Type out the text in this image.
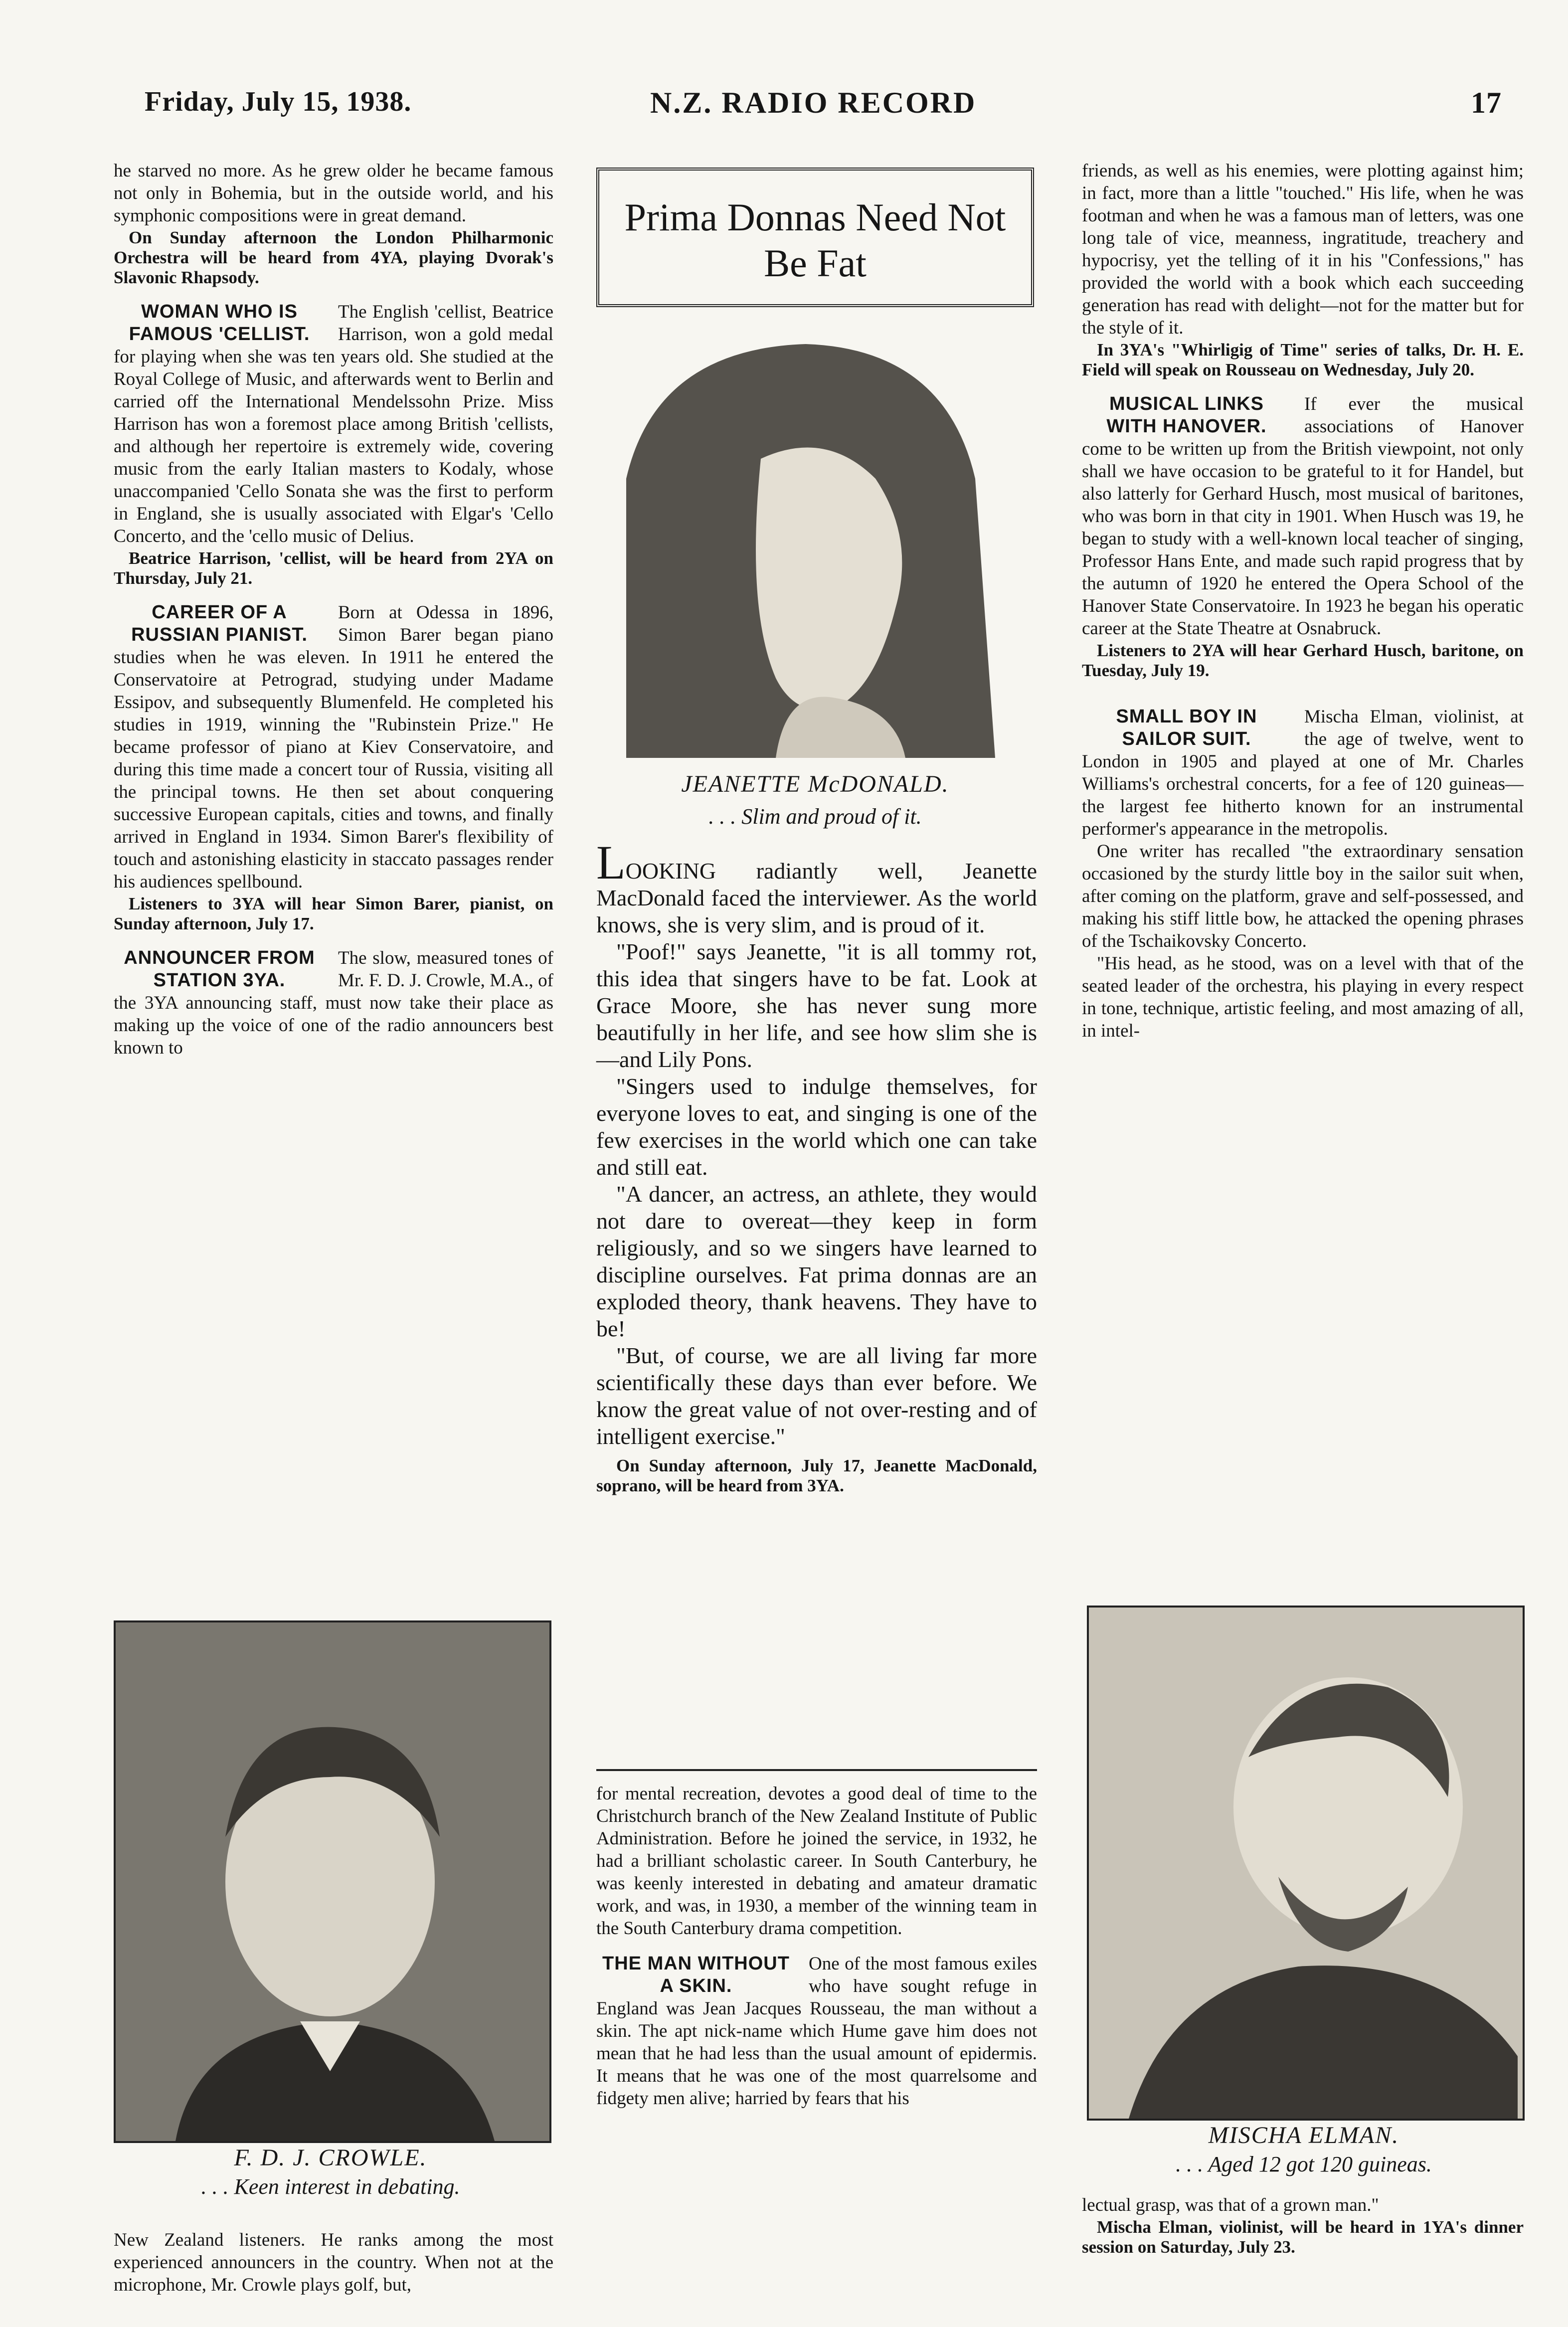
Friday, July 15, 1938.	N.Z. RADIO RECORD	17

he starved no more. As he grew older he became famous not only in Bohemia, but in the outside world, and his symphonic compositions were in great demand.

On Sunday afternoon the London Philharmonic Orchestra will be heard from 4YA, playing Dvorak's Slavonic Rhapsody.

WOMAN WHO IS FAMOUS 'CELLIST.

The English 'cellist, Beatrice Harrison, won a gold medal for playing when she was ten years old. She studied at the Royal College of Music, and afterwards went to Berlin and carried off the International Mendelssohn Prize. Miss Harrison has won a foremost place among British 'cellists, and although her repertoire is extremely wide, covering music from the early Italian masters to Kodaly, whose unaccompanied 'Cello Sonata she was the first to perform in England, she is usually associated with Elgar's 'Cello Concerto, and the 'cello music of Delius.

Beatrice Harrison, 'cellist, will be heard from 2YA on Thursday, July 21.

CAREER OF A RUSSIAN PIANIST.

Born at Odessa in 1896, Simon Barer began piano studies when he was eleven. In 1911 he entered the Conservatoire at Petrograd, studying under Madame Essipov, and subsequently Blumenfeld. He completed his studies in 1919, winning the "Rubinstein Prize." He became professor of piano at Kiev Conservatoire, and during this time made a concert tour of Russia, visiting all the principal towns. He then set about conquering successive European capitals, cities and towns, and finally arrived in England in 1934. Simon Barer's flexibility of touch and astonishing elasticity in staccato passages render his audiences spellbound.

Listeners to 3YA will hear Simon Barer, pianist, on Sunday afternoon, July 17.

ANNOUNCER FROM STATION 3YA.

The slow, measured tones of Mr. F. D. J. Crowle, M.A., of the 3YA announcing staff, must now take their place as making up the voice of one of the radio announcers best known to

F. D. J. CROWLE.
. . . Keen interest in debating.

New Zealand listeners. He ranks among the most experienced announcers in the country. When not at the microphone, Mr. Crowle plays golf, but,

Prima Donnas Need Not Be Fat
JEANETTE McDONALD.
. . . Slim and proud of it.

LOOKING radiantly well, Jeanette MacDonald faced the interviewer. As the world knows, she is very slim, and is proud of it.

"Poof!" says Jeanette, "it is all tommy rot, this idea that singers have to be fat. Look at Grace Moore, she has never sung more beautifully in her life, and see how slim she is—and Lily Pons.

"Singers used to indulge themselves, for everyone loves to eat, and singing is one of the few exercises in the world which one can take and still eat.

"A dancer, an actress, an athlete, they would not dare to overeat—they keep in form religiously, and so we singers have learned to discipline ourselves. Fat prima donnas are an exploded theory, thank heavens. They have to be!

"But, of course, we are all living far more scientifically these days than ever before. We know the great value of not over-resting and of intelligent exercise."

On Sunday afternoon, July 17, Jeanette MacDonald, soprano, will be heard from 3YA.

for mental recreation, devotes a good deal of time to the Christchurch branch of the New Zealand Institute of Public Administration. Before he joined the service, in 1932, he had a brilliant scholastic career. In South Canterbury, he was keenly interested in debating and amateur dramatic work, and was, in 1930, a member of the winning team in the South Canterbury drama competition.

THE MAN WITHOUT A SKIN.

One of the most famous exiles who have sought refuge in England was Jean Jacques Rousseau, the man without a skin. The apt nick-name which Hume gave him does not mean that he had less than the usual amount of epidermis. It means that he was one of the most quarrelsome and fidgety men alive; harried by fears that his

friends, as well as his enemies, were plotting against him; in fact, more than a little "touched." His life, when he was footman and when he was a famous man of letters, was one long tale of vice, meanness, ingratitude, treachery and hypocrisy, yet the telling of it in his "Confessions," has provided the world with a book which each succeeding generation has read with delight—not for the matter but for the style of it.

In 3YA's "Whirligig of Time" series of talks, Dr. H. E. Field will speak on Rousseau on Wednesday, July 20.

MUSICAL LINKS WITH HANOVER.

If ever the musical associations of Hanover come to be written up from the British viewpoint, not only shall we have occasion to be grateful to it for Handel, but also latterly for Gerhard Husch, most musical of baritones, who was born in that city in 1901. When Husch was 19, he began to study with a well-known local teacher of singing, Professor Hans Ente, and made such rapid progress that by the autumn of 1920 he entered the Opera School of the Hanover State Conservatoire. In 1923 he began his operatic career at the State Theatre at Osnabruck.

Listeners to 2YA will hear Gerhard Husch, baritone, on Tuesday, July 19.

SMALL BOY IN SAILOR SUIT.

Mischa Elman, violinist, at the age of twelve, went to London in 1905 and played at one of Mr. Charles Williams's orchestral concerts, for a fee of 120 guineas—the largest fee hitherto known for an instrumental performer's appearance in the metropolis.

One writer has recalled "the extraordinary sensation occasioned by the sturdy little boy in the sailor suit when, after coming on the platform, grave and self-possessed, and making his stiff little bow, he attacked the opening phrases of the Tschaikovsky Concerto.

"His head, as he stood, was on a level with that of the seated leader of the orchestra, his playing in every respect in tone, technique, artistic feeling, and most amazing of all, in intel-

MISCHA ELMAN.
. . . Aged 12 got 120 guineas.

lectual grasp, was that of a grown man."

Mischa Elman, violinist, will be heard in 1YA's dinner session on Saturday, July 23.
